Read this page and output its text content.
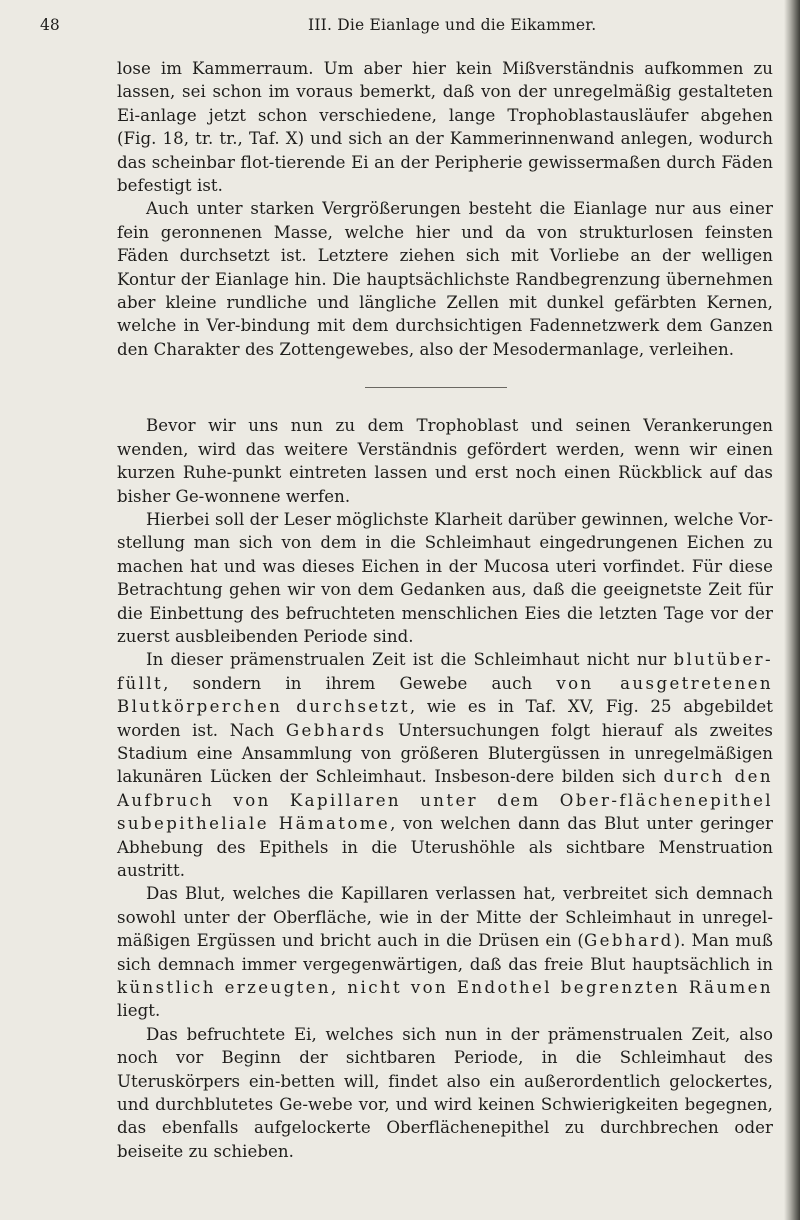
48	III. Die Eianlage und die Eikammer.

lose im Kammerraum. Um aber hier kein Mißverständnis aufkommen zu lassen, sei schon im voraus bemerkt, daß von der unregelmäßig gestalteten Ei-anlage jetzt schon verschiedene, lange Trophoblastausläufer abgehen (Fig. 18, tr. tr., Taf. X) und sich an der Kammerinnenwand anlegen, wodurch das scheinbar flot-tierende Ei an der Peripherie gewissermaßen durch Fäden befestigt ist.

Auch unter starken Vergrößerungen besteht die Eianlage nur aus einer fein geronnenen Masse, welche hier und da von strukturlosen feinsten Fäden durchsetzt ist. Letztere ziehen sich mit Vorliebe an der welligen Kontur der Eianlage hin. Die hauptsächlichste Randbegrenzung übernehmen aber kleine rundliche und längliche Zellen mit dunkel gefärbten Kernen, welche in Ver-bindung mit dem durchsichtigen Fadennetzwerk dem Ganzen den Charakter des Zottengewebes, also der Mesodermanlage, verleihen.

Bevor wir uns nun zu dem Trophoblast und seinen Verankerungen wenden, wird das weitere Verständnis gefördert werden, wenn wir einen kurzen Ruhe-punkt eintreten lassen und erst noch einen Rückblick auf das bisher Ge-wonnene werfen.

Hierbei soll der Leser möglichste Klarheit darüber gewinnen, welche Vor-stellung man sich von dem in die Schleimhaut eingedrungenen Eichen zu machen hat und was dieses Eichen in der Mucosa uteri vorfindet. Für diese Betrachtung gehen wir von dem Gedanken aus, daß die geeignetste Zeit für die Einbettung des befruchteten menschlichen Eies die letzten Tage vor der zuerst ausbleibenden Periode sind.

In dieser prämenstrualen Zeit ist die Schleimhaut nicht nur blutüber-füllt, sondern in ihrem Gewebe auch von ausgetretenen Blutkörperchen durchsetzt, wie es in Taf. XV, Fig. 25 abgebildet worden ist. Nach Gebhards Untersuchungen folgt hierauf als zweites Stadium eine Ansammlung von größeren Blutergüssen in unregelmäßigen lakunären Lücken der Schleimhaut. Insbeson-dere bilden sich durch den Aufbruch von Kapillaren unter dem Ober-flächenepithel subepitheliale Hämatome, von welchen dann das Blut unter geringer Abhebung des Epithels in die Uterushöhle als sichtbare Menstruation austritt.

Das Blut, welches die Kapillaren verlassen hat, verbreitet sich demnach sowohl unter der Oberfläche, wie in der Mitte der Schleimhaut in unregel-mäßigen Ergüssen und bricht auch in die Drüsen ein (Gebhard). Man muß sich demnach immer vergegenwärtigen, daß das freie Blut hauptsächlich in künstlich erzeugten, nicht von Endothel begrenzten Räumen liegt.

Das befruchtete Ei, welches sich nun in der prämenstrualen Zeit, also noch vor Beginn der sichtbaren Periode, in die Schleimhaut des Uteruskörpers ein-betten will, findet also ein außerordentlich gelockertes, und durchblutetes Ge-webe vor, und wird keinen Schwierigkeiten begegnen, das ebenfalls aufgelockerte Oberflächenepithel zu durchbrechen oder beiseite zu schieben.
